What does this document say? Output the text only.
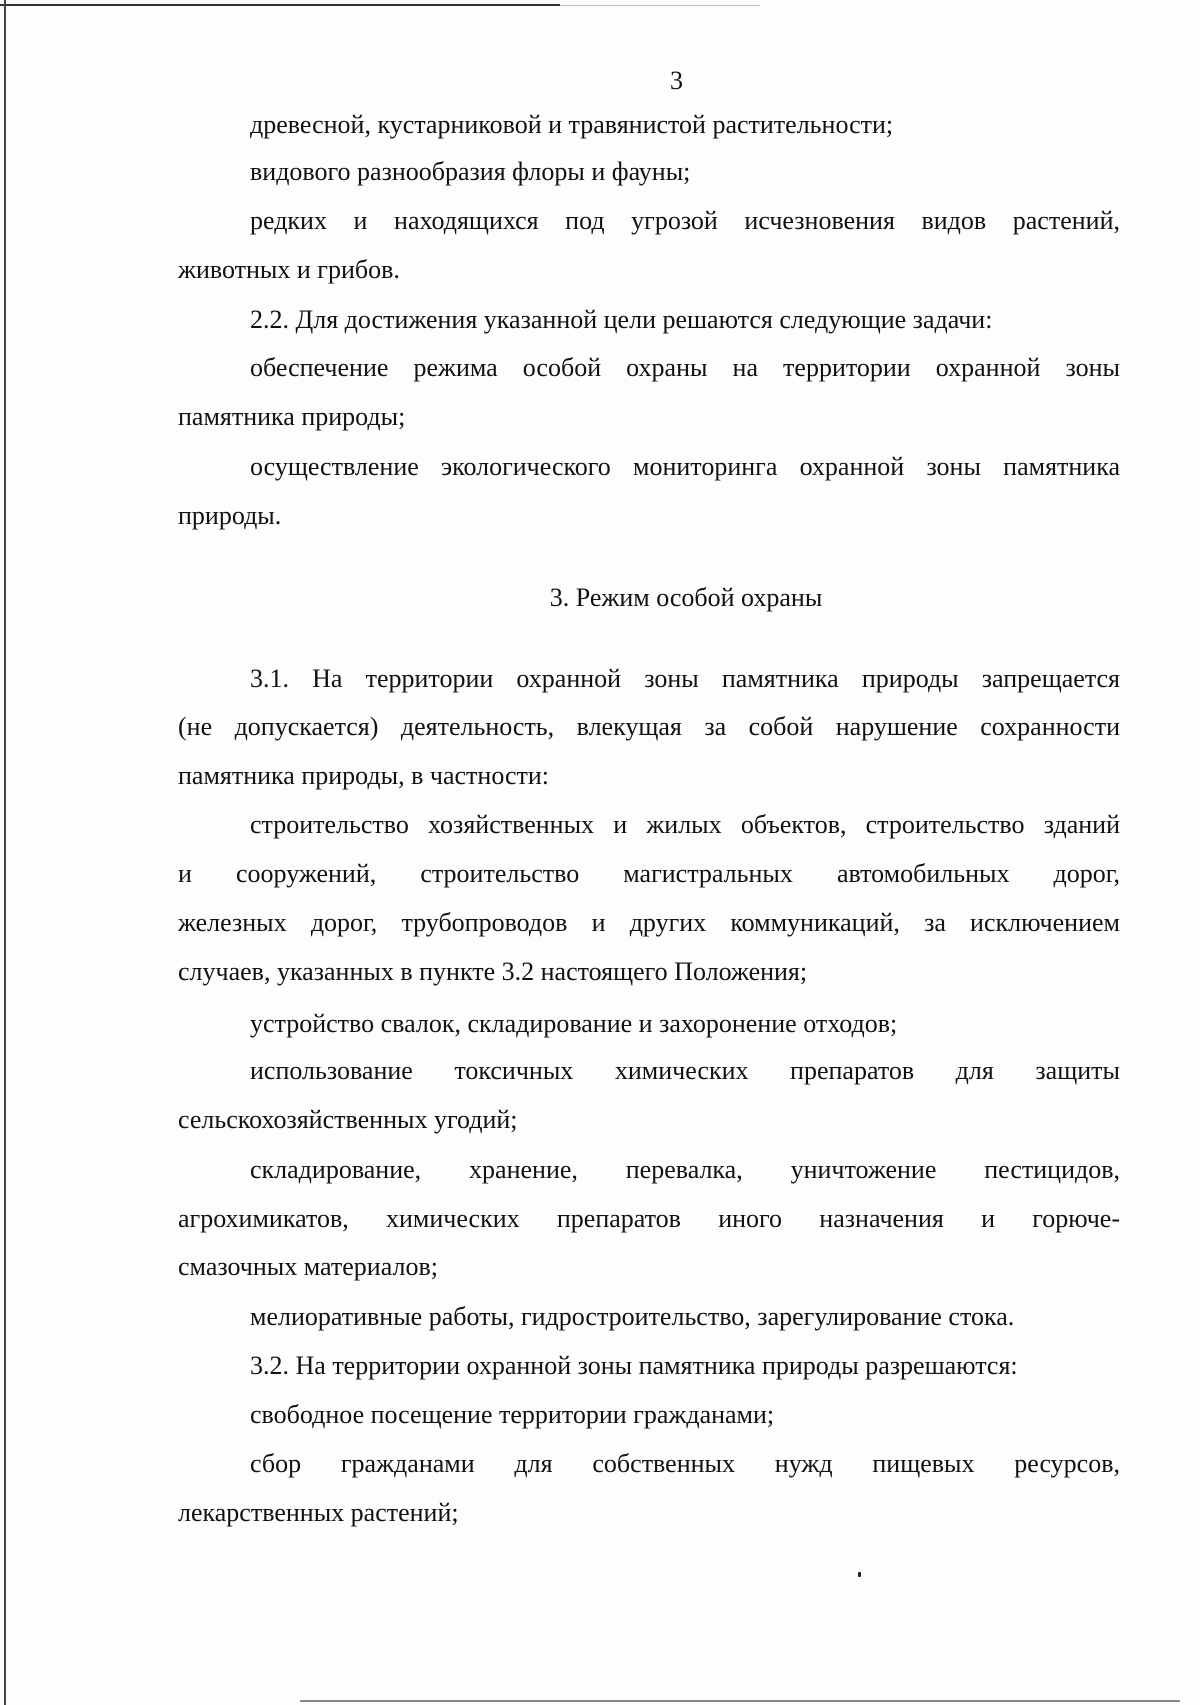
3
древесной, кустарниковой и травянистой растительности;
видового разнообразия флоры и фауны;
редких и находящихся под угрозой исчезновения видов растений,
животных и грибов.
2.2. Для достижения указанной цели решаются следующие задачи:
обеспечение режима особой охраны на территории охранной зоны
памятника природы;
осуществление экологического мониторинга охранной зоны памятника
природы.
3. Режим особой охраны
3.1. На территории охранной зоны памятника природы запрещается
(не допускается) деятельность, влекущая за собой нарушение сохранности
памятника природы, в частности:
строительство хозяйственных и жилых объектов, строительство зданий
и сооружений, строительство магистральных автомобильных дорог,
железных дорог, трубопроводов и других коммуникаций, за исключением
случаев, указанных в пункте 3.2 настоящего Положения;
устройство свалок, складирование и захоронение отходов;
использование токсичных химических препаратов для защиты
сельскохозяйственных угодий;
складирование, хранение, перевалка, уничтожение пестицидов,
агрохимикатов, химических препаратов иного назначения и горюче-
смазочных материалов;
мелиоративные работы, гидростроительство, зарегулирование стока.
3.2. На территории охранной зоны памятника природы разрешаются:
свободное посещение территории гражданами;
сбор гражданами для собственных нужд пищевых ресурсов,
лекарственных растений;
